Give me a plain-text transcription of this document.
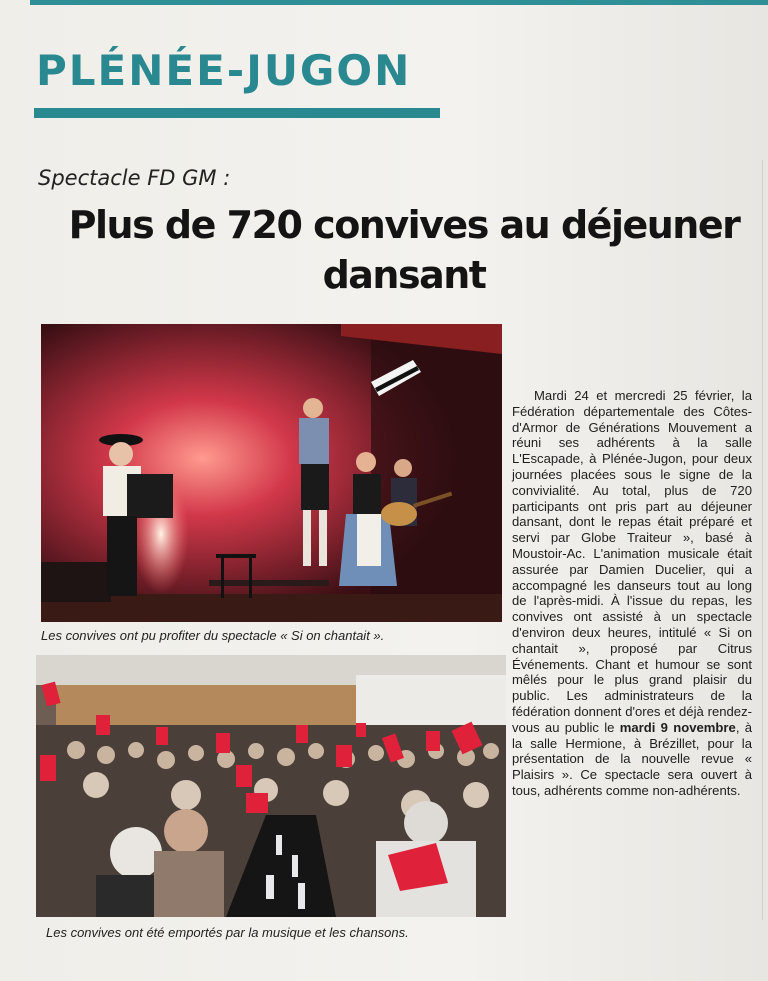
PLÉNÉE-JUGON
Spectacle FD GM :
Plus de 720 convives au déjeuner dansant
Les convives ont pu profiter du spectacle « Si on chantait ».
Les convives ont été emportés par la musique et les chansons.
Mardi 24 et mercredi 25 février, la Fédération départementale des Côtes-d'Armor de Générations Mouvement a réuni ses adhérents à la salle L'Escapade, à Plénée-Jugon, pour deux journées placées sous le signe de la convivialité. Au total, plus de 720 participants ont pris part au déjeuner dansant, dont le repas était préparé et servi par Globe Traiteur », basé à Moustoir-Ac. L'animation musicale était assurée par Damien Ducelier, qui a accompagné les danseurs tout au long de l'après-midi. À l'issue du repas, les convives ont assisté à un spectacle d'environ deux heures, intitulé « Si on chantait », proposé par Citrus Événements. Chant et humour se sont mêlés pour le plus grand plaisir du public. Les administrateurs de la fédération donnent d'ores et déjà rendez-vous au public le mardi 9 novembre, à la salle Hermione, à Brézillet, pour la présentation de la nouvelle revue « Plaisirs ». Ce spectacle sera ouvert à tous, adhérents comme non-adhérents.
